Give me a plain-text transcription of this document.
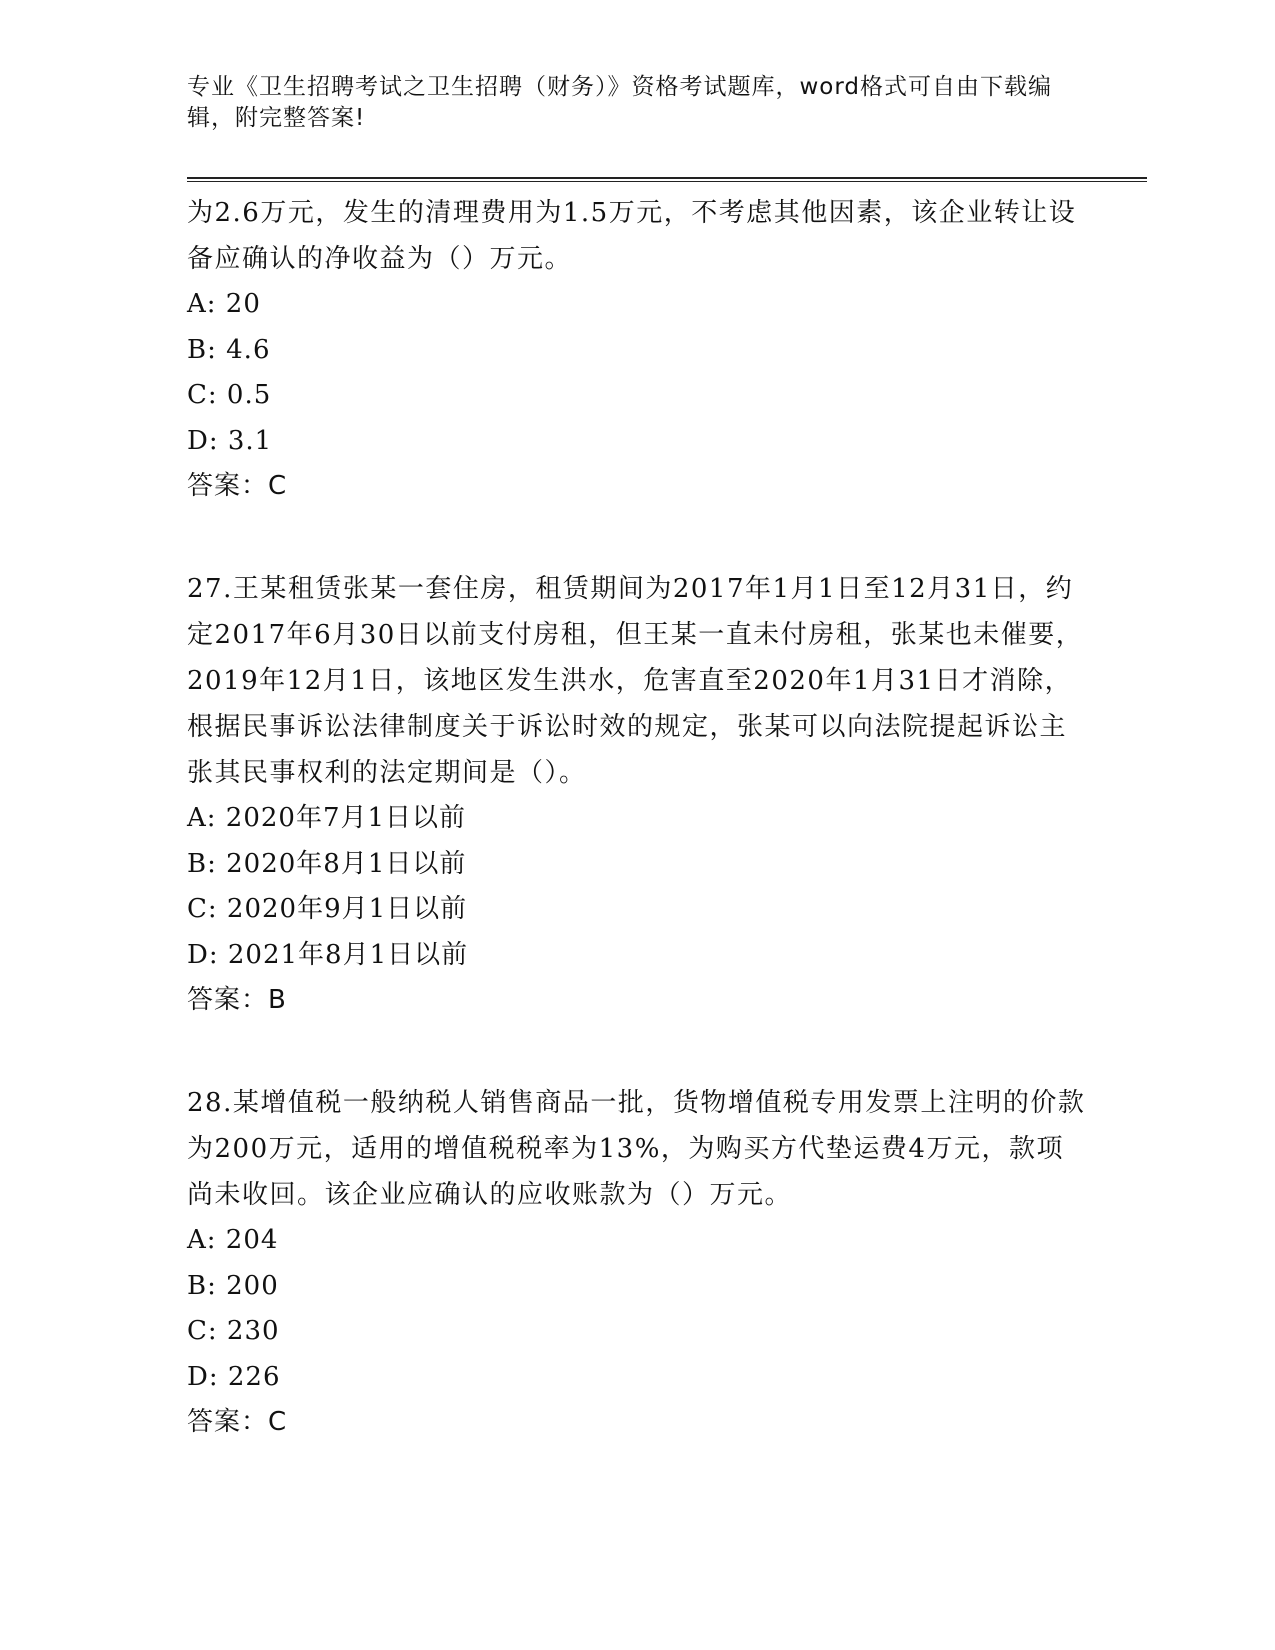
专业《卫生招聘考试之卫生招聘（财务）》资格考试题库，word格式可自由下载编辑，附完整答案!

为2.6万元，发生的清理费用为1.5万元，不考虑其他因素，该企业转让设备应确认的净收益为（）万元。

A: 20

B: 4.6

C: 0.5

D: 3.1

答案：C

27.王某租赁张某一套住房，租赁期间为2017年1月1日至12月31日，约定2017年6月30日以前支付房租，但王某一直未付房租，张某也未催要，2019年12月1日，该地区发生洪水，危害直至2020年1月31日才消除，根据民事诉讼法律制度关于诉讼时效的规定，张某可以向法院提起诉讼主张其民事权利的法定期间是（）。

A: 2020年7月1日以前

B: 2020年8月1日以前

C: 2020年9月1日以前

D: 2021年8月1日以前

答案：B

28.某增值税一般纳税人销售商品一批，货物增值税专用发票上注明的价款为200万元，适用的增值税税率为13%，为购买方代垫运费4万元，款项尚未收回。该企业应确认的应收账款为（）万元。

A: 204

B: 200

C: 230

D: 226

答案：C
